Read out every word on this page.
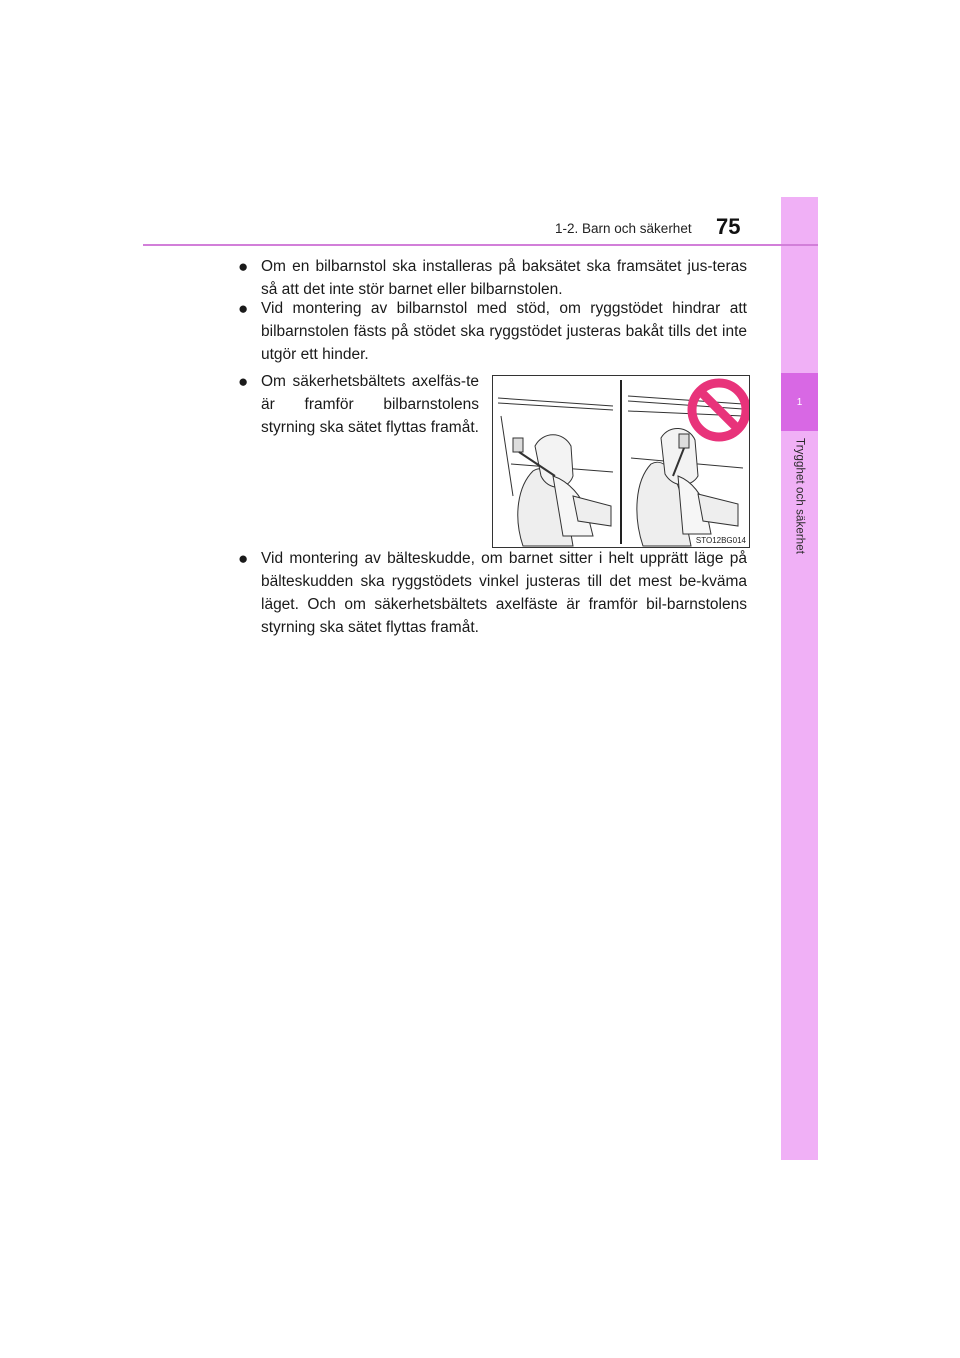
1
Trygghet och säkerhet
1-2. Barn och säkerhet 75
● Om en bilbarnstol ska installeras på baksätet ska framsätet jus-teras så att det inte stör barnet eller bilbarnstolen.
● Vid montering av bilbarnstol med stöd, om ryggstödet hindrar att bilbarnstolen fästs på stödet ska ryggstödet justeras bakåt tills det inte utgör ett hinder.
● Om säkerhetsbältets axelfäs-te är framför bilbarnstolens styrning ska sätet flyttas framåt.
STO12BG014
● Vid montering av bälteskudde, om barnet sitter i helt upprätt läge på bälteskudden ska ryggstödets vinkel justeras till det mest be-kväma läget. Och om säkerhetsbältets axelfäste är framför bil-barnstolens styrning ska sätet flyttas framåt.
